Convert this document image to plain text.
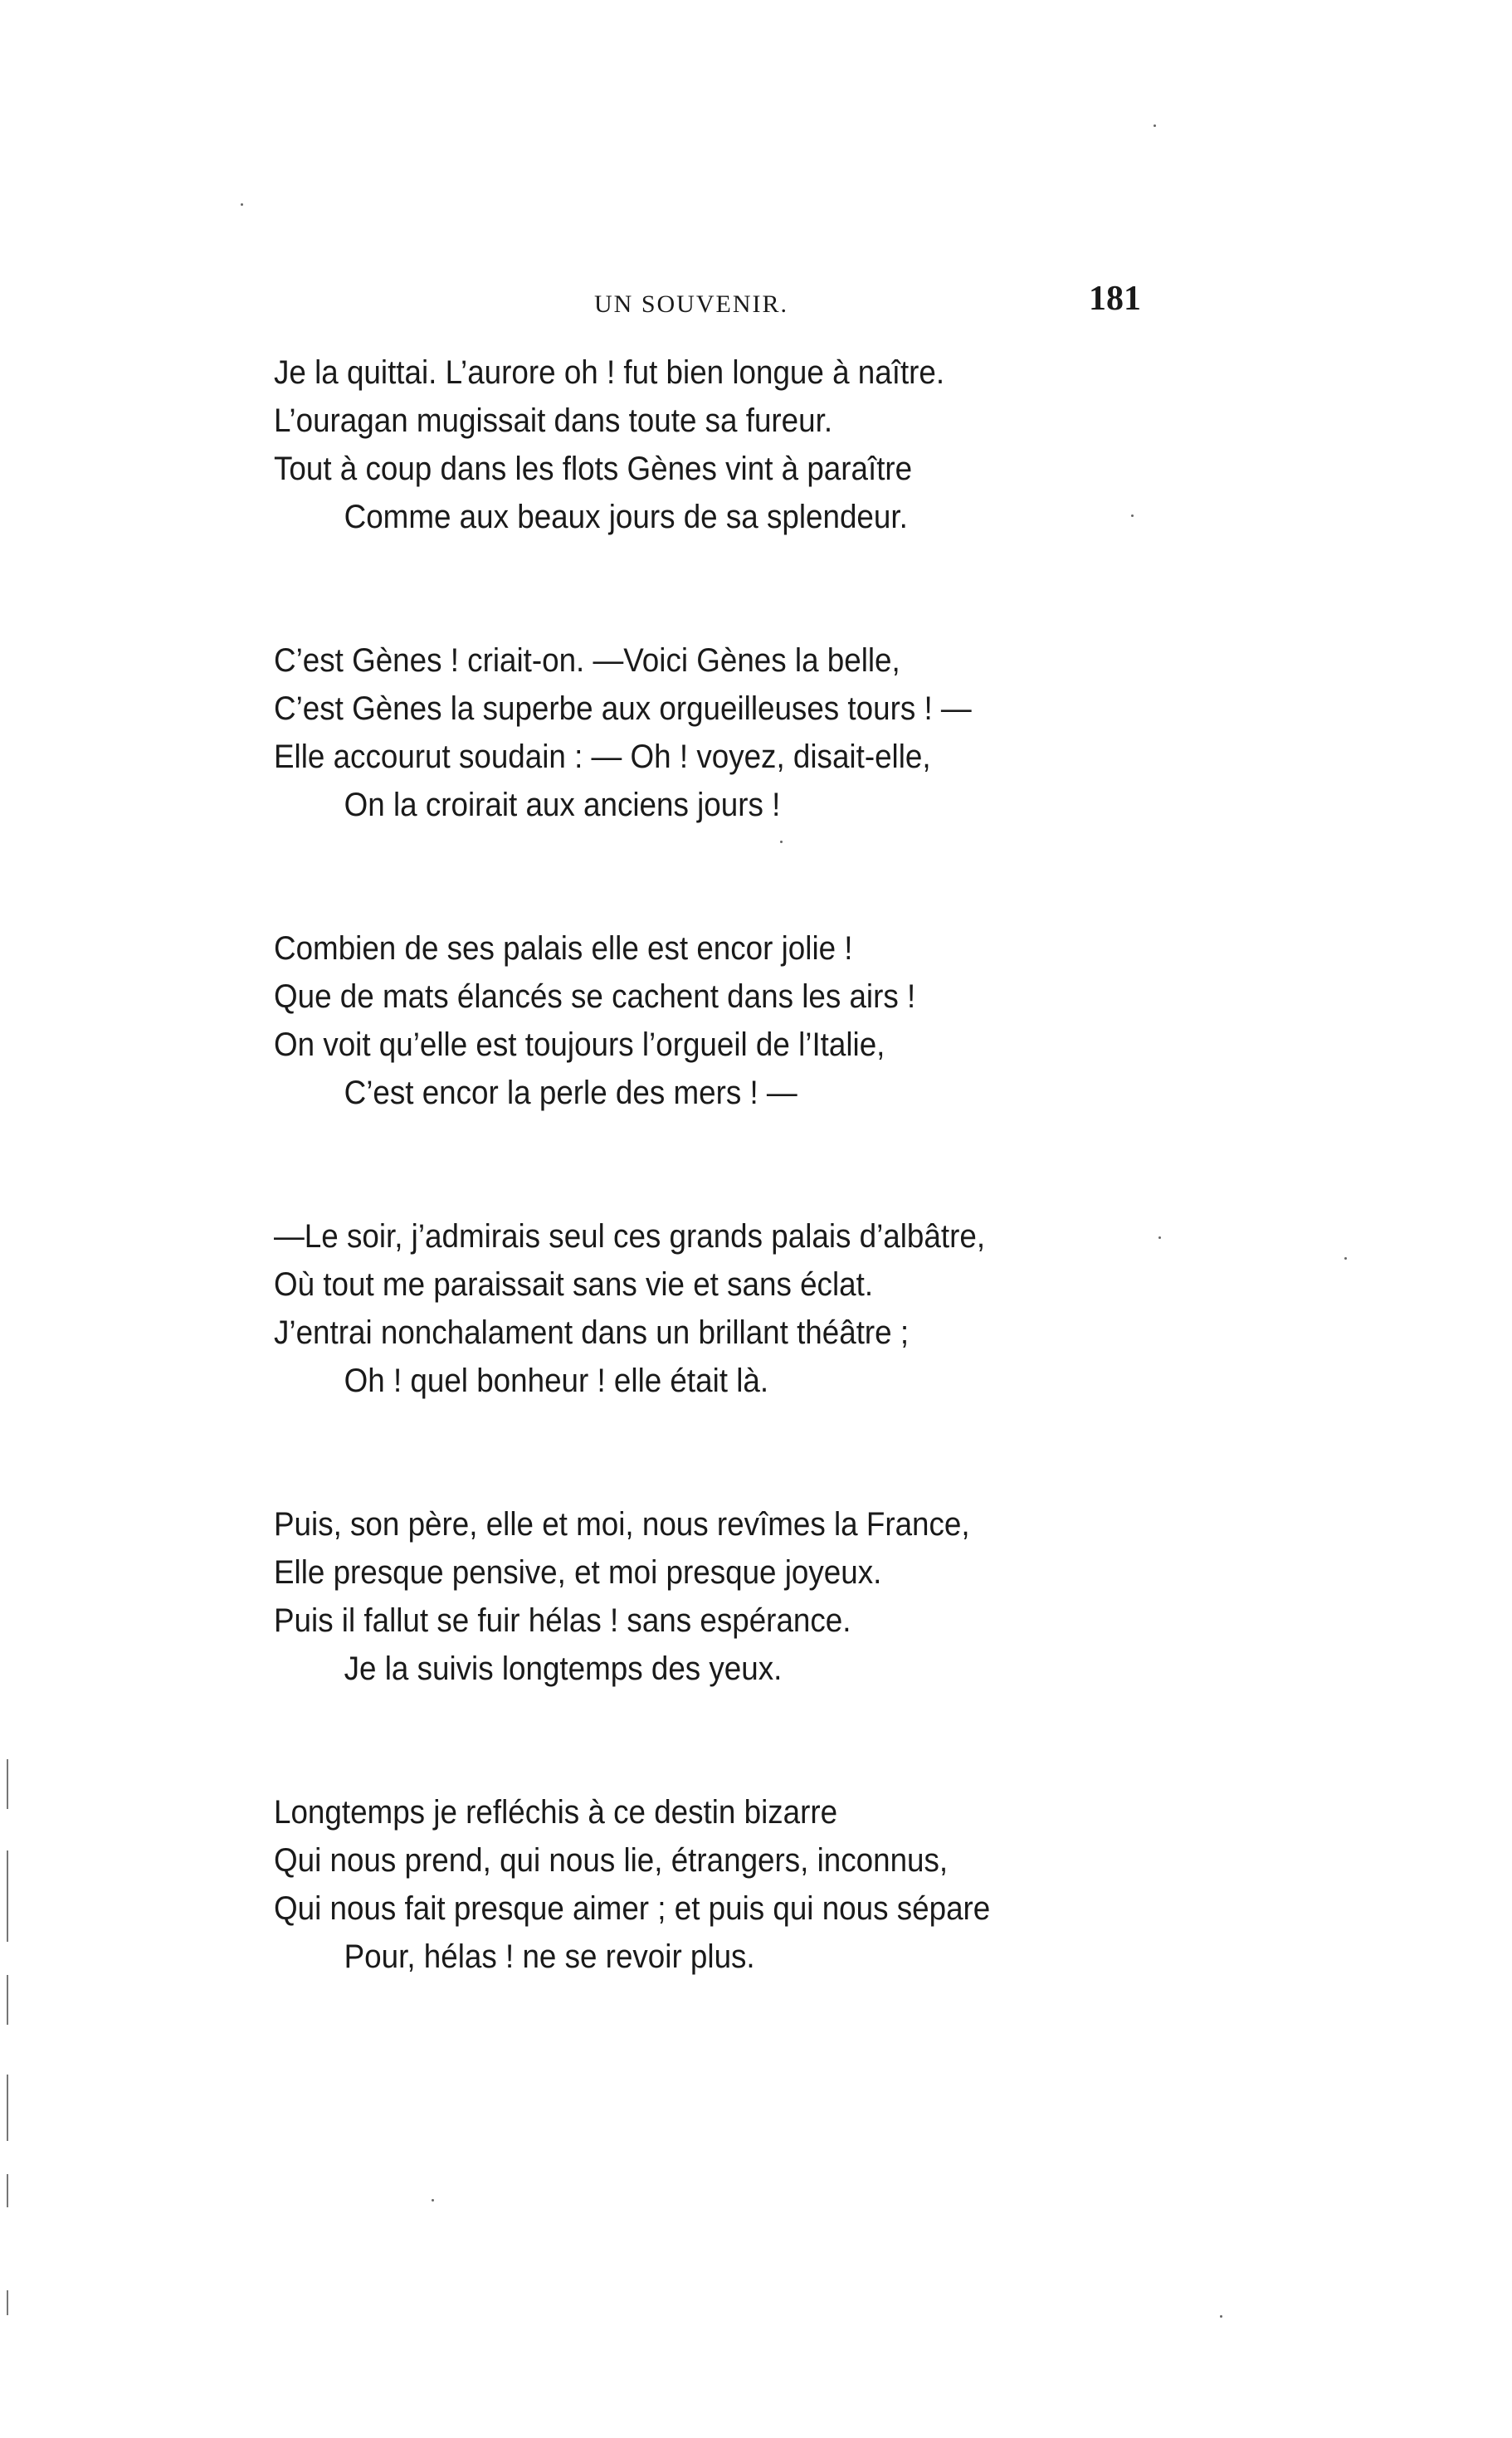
UN SOUVENIR.	181
Je la quittai. L’aurore oh ! fut bien longue à naître.
L’ouragan mugissait dans toute sa fureur.
Tout à coup dans les flots Gènes vint à paraître
Comme aux beaux jours de sa splendeur.
C’est Gènes ! criait-on. —Voici Gènes la belle,
C’est Gènes la superbe aux orgueilleuses tours ! —
Elle accourut soudain : — Oh ! voyez, disait-elle,
On la croirait aux anciens jours !
Combien de ses palais elle est encor jolie !
Que de mats élancés se cachent dans les airs !
On voit qu’elle est toujours l’orgueil de l’Italie,
C’est encor la perle des mers ! —
—Le soir, j’admirais seul ces grands palais d’albâtre,
Où tout me paraissait sans vie et sans éclat.
J’entrai nonchalament dans un brillant théâtre ;
Oh ! quel bonheur ! elle était là.
Puis, son père, elle et moi, nous revîmes la France,
Elle presque pensive, et moi presque joyeux.
Puis il fallut se fuir hélas ! sans espérance.
Je la suivis longtemps des yeux.
Longtemps je refléchis à ce destin bizarre
Qui nous prend, qui nous lie, étrangers, inconnus,
Qui nous fait presque aimer ; et puis qui nous sépare
Pour, hélas ! ne se revoir plus.
